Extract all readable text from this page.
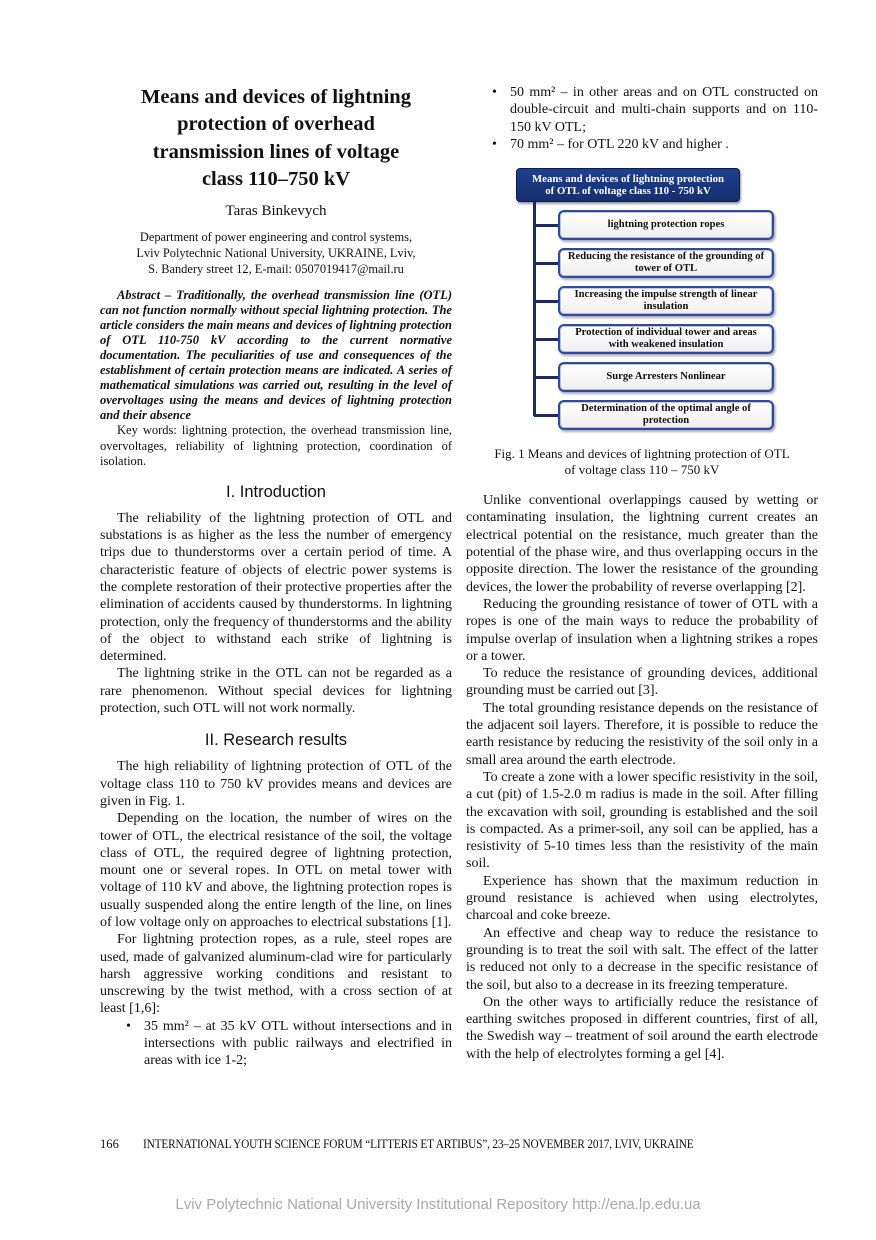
Means and devices of lightning
protection of overhead
transmission lines of voltage
class 110–750 kV
Taras Binkevych
Department of power engineering and control systems,
Lviv Polytechnic National University, UKRAINE, Lviv,
S. Bandery street 12, E-mail: 0507019417@mail.ru

Abstract – Traditionally, the overhead transmission line (OTL) can not function normally without special lightning protection. The article considers the main means and devices of lightning protection of OTL 110-750 kV according to the current normative documentation. The peculiarities of use and consequences of the establishment of certain protection means are indicated. A series of mathematical simulations was carried out, resulting in the level of overvoltages using the means and devices of lightning protection and their absence

Key words: lightning protection, the overhead transmission line, overvoltages, reliability of lightning protection, coordination of isolation.

I. Introduction

The reliability of the lightning protection of OTL and substations is as higher as the less the number of emergency trips due to thunderstorms over a certain period of time. A characteristic feature of objects of electric power systems is the complete restoration of their protective properties after the elimination of accidents caused by thunderstorms. In lightning protection, only the frequency of thunderstorms and the ability of the object to withstand each strike of lightning is determined.

The lightning strike in the OTL can not be regarded as a rare phenomenon. Without special devices for lightning protection, such OTL will not work normally.

II. Research results

The high reliability of lightning protection of OTL of the voltage class 110 to 750 kV provides means and devices are given in Fig. 1.

Depending on the location, the number of wires on the tower of OTL, the electrical resistance of the soil, the voltage class of OTL, the required degree of lightning protection, mount one or several ropes. In OTL on metal tower with voltage of 110 kV and above, the lightning protection ropes is usually suspended along the entire length of the line, on lines of low voltage only on approaches to electrical substations [1].

For lightning protection ropes, as a rule, steel ropes are used, made of galvanized aluminum-clad wire for particularly harsh aggressive working conditions and resistant to unscrewing by the twist method, with a cross section of at least [1,6]:

• 35 mm² – at 35 kV OTL without intersections and in intersections with public railways and electrified in areas with ice 1-2;
• 50 mm² – in other areas and on OTL constructed on double-circuit and multi-chain supports and on 110-150 kV OTL;
• 70 mm² – for OTL 220 kV and higher .
Means and devices of lightning protection
of OTL of voltage class 110 - 750 kV
lightning protection ropes
Reducing the resistance of the grounding of tower of OTL
Increasing the impulse strength of linear insulation
Protection of individual tower and areas with weakened insulation
Surge Arresters Nonlinear
Determination of the optimal angle of protection
Fig. 1 Means and devices of lightning protection of OTL
of voltage class 110 – 750 kV

Unlike conventional overlappings caused by wetting or contaminating insulation, the lightning current creates an electrical potential on the resistance, much greater than the potential of the phase wire, and thus overlapping occurs in the opposite direction. The lower the resistance of the grounding devices, the lower the probability of reverse overlapping [2].

Reducing the grounding resistance of tower of OTL with a ropes is one of the main ways to reduce the probability of impulse overlap of insulation when a lightning strikes a ropes or a tower.

To reduce the resistance of grounding devices, additional grounding must be carried out [3].

The total grounding resistance depends on the resistance of the adjacent soil layers. Therefore, it is possible to reduce the earth resistance by reducing the resistivity of the soil only in a small area around the earth electrode.

To create a zone with a lower specific resistivity in the soil, a cut (pit) of 1.5-2.0 m radius is made in the soil. After filling the excavation with soil, grounding is established and the soil is compacted. As a primer-soil, any soil can be applied, has a resistivity of 5-10 times less than the resistivity of the main soil.

Experience has shown that the maximum reduction in ground resistance is achieved when using electrolytes, charcoal and coke breeze.

An effective and cheap way to reduce the resistance to grounding is to treat the soil with salt. The effect of the latter is reduced not only to a decrease in the specific resistance of the soil, but also to a decrease in its freezing temperature.

On the other ways to artificially reduce the resistance of earthing switches proposed in different countries, first of all, the Swedish way – treatment of soil around the earth electrode with the help of electrolytes forming a gel [4].

166 INTERNATIONAL YOUTH SCIENCE FORUM “LITTERIS ET ARTIBUS”, 23–25 NOVEMBER 2017, LVIV, UKRAINE
Lviv Polytechnic National University Institutional Repository http://ena.lp.edu.ua
